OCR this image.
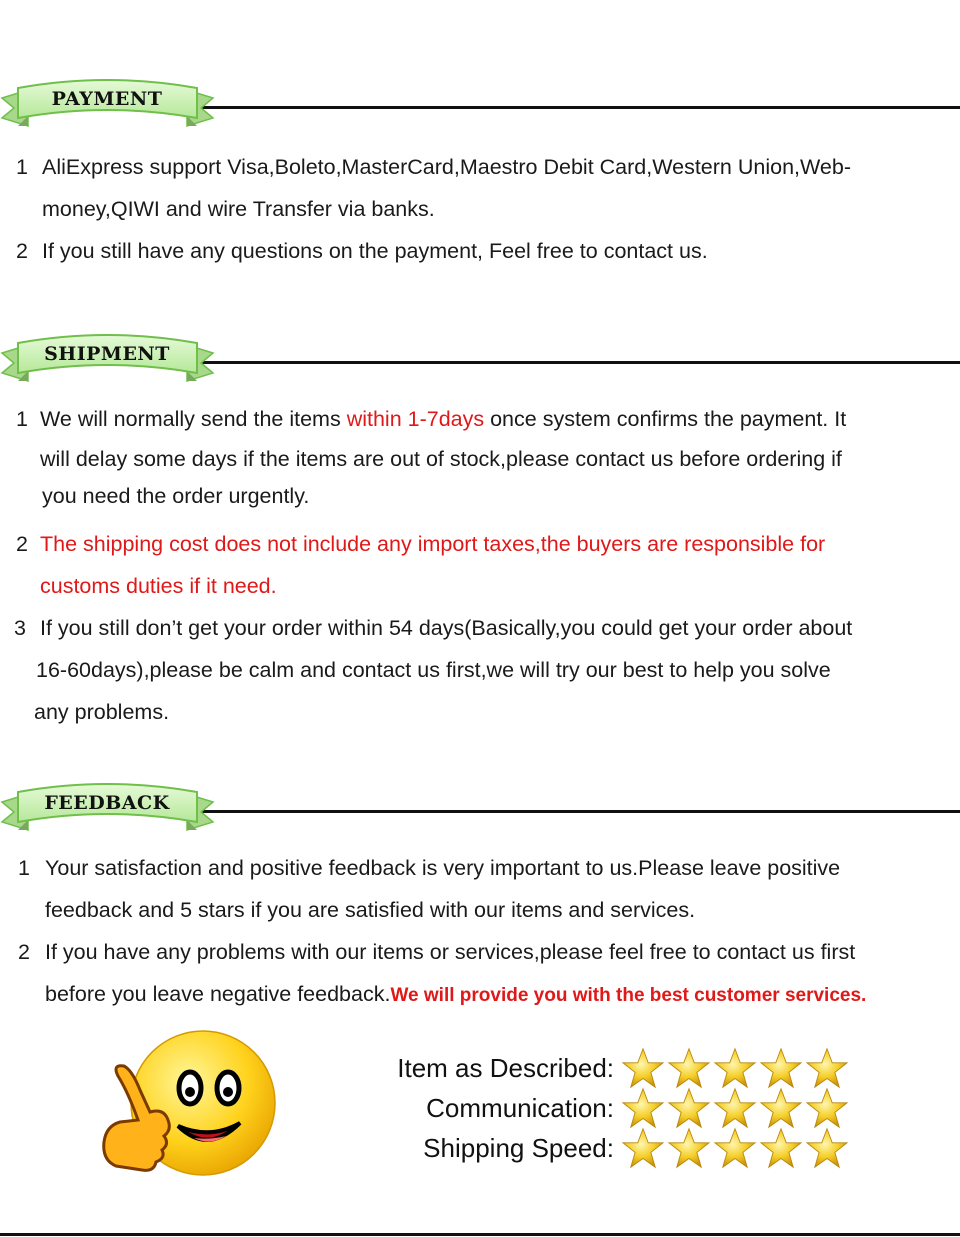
PAYMENT
1 AliExpress support Visa,Boleto,MasterCard,Maestro Debit Card,Western Union,Web-
money,QIWI and wire Transfer via banks.
2 If you still have any questions on the payment, Feel free to contact us.
SHIPMENT
1 We will normally send the items within 1-7days once system confirms the payment. It
will delay some days if the items are out of stock,please contact us before ordering if
you need the order urgently.
2 The shipping cost does not include any import taxes,the buyers are responsible for
customs duties if it need.
3 If you still don’t get your order within 54 days(Basically,you could get your order about
16-60days),please be calm and contact us first,we will try our best to help you solve
any problems.
FEEDBACK
1 Your satisfaction and positive feedback is very important to us.Please leave positive
feedback and 5 stars if you are satisfied with our items and services.
2 If you have any problems with our items or services,please feel free to contact us first
before you leave negative feedback.We will provide you with the best customer services.
Item as Described:
Communication:
Shipping Speed:
